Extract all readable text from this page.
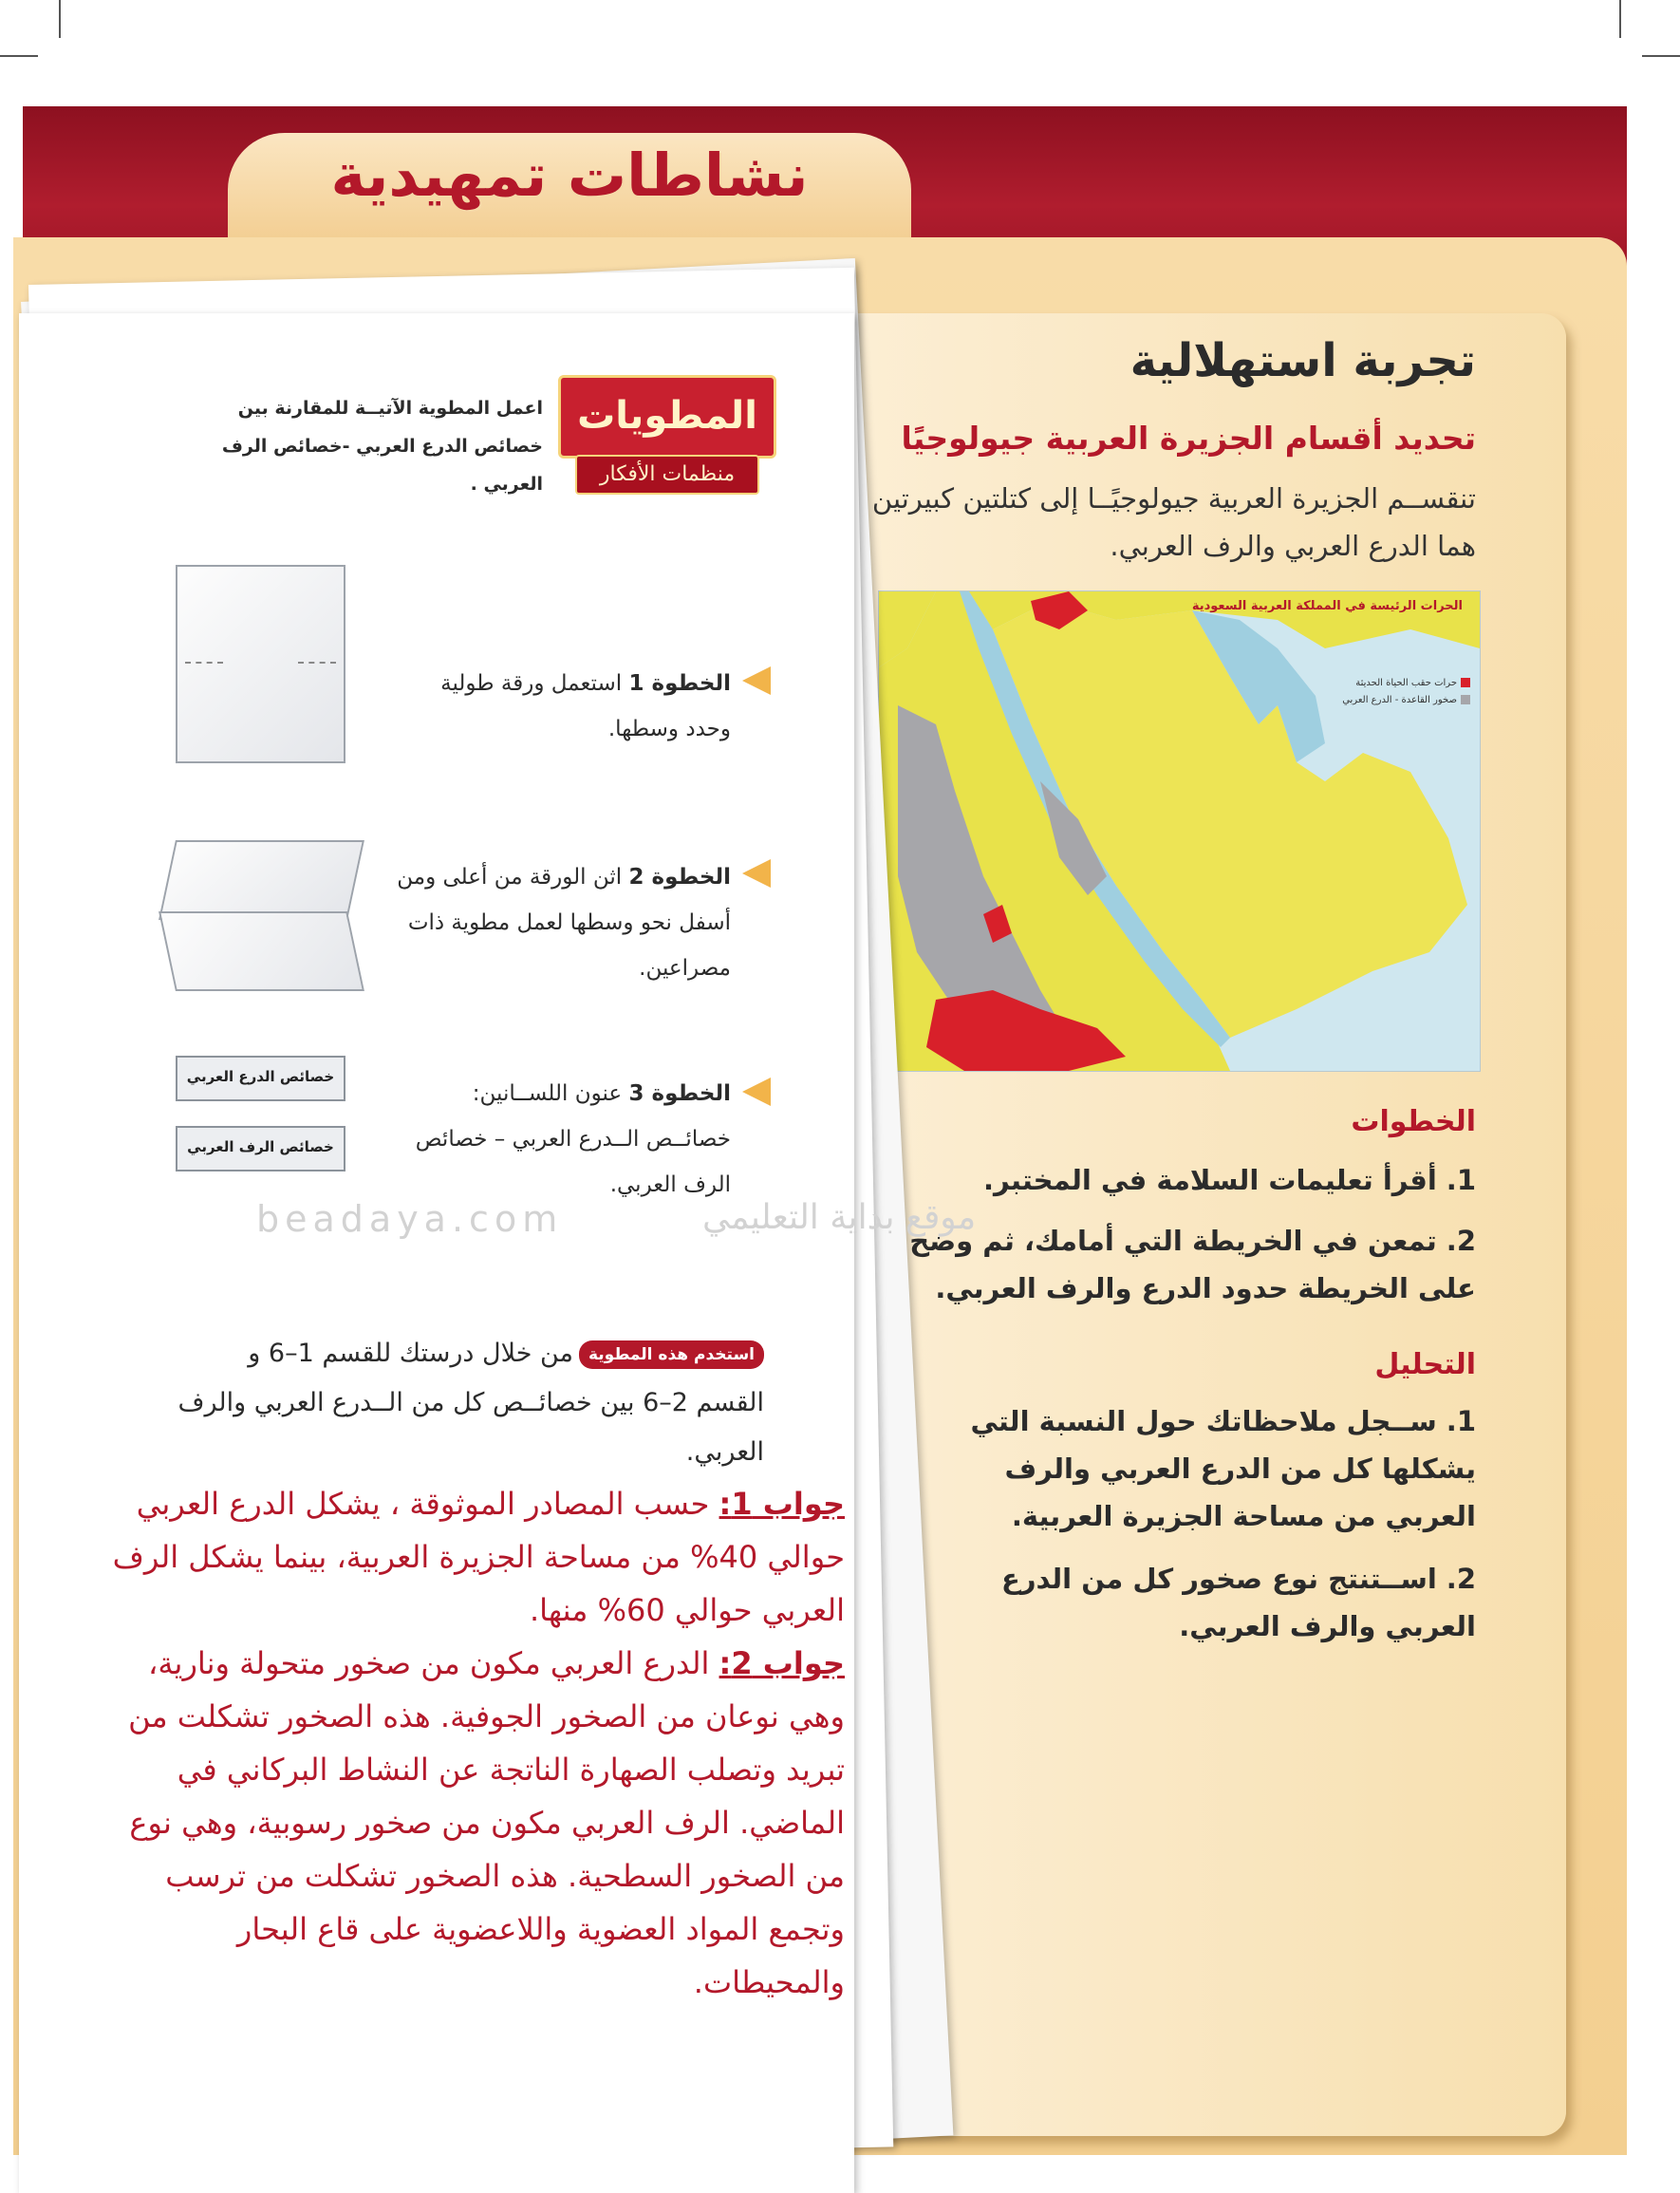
نشاطات تمهيدية
تجربة استهلالية
تحديد أقسام الجزيرة العربية جيولوجيًا
تنقســم الجزيرة العربية جيولوجيًــا إلى كتلتين كبيرتين هما الدرع العربي والرف العربي.
الحرات الرئيسة في المملكة العربية السعودية
حرات حقب الحياة الحديثة
صخور القاعدة - الدرع العربي
الخطوات
1.أقرأ تعليمات السلامة في المختبر.
2.تمعن في الخريطة التي أمامك، ثم وضح على الخريطة حدود الدرع والرف العربي.
التحليل
1.ســجل ملاحظاتك حول النسبة التي يشكلها كل من الدرع العربي والرف العربي من مساحة الجزيرة العربية.
2.اســتنتج نوع صخور كل من الدرع العربي والرف العربي.
المطويات
منظمات الأفكار
اعمل المطوية الآتيــة للمقارنة بين خصائص الدرع العربي -خصائص الرف العربي .
الخطوة 1 استعمل ورقة طولية وحدد وسطها.
الخطوة 2 اثن الورقة من أعلى ومن أسفل نحو وسطها لعمل مطوية ذات مصراعين.
خصائص الدرع العربي
خصائص الرف العربي
الخطوة 3 عنون اللســانين: خصائــص الــدرع العربي – خصائص الرف العربي.
beadaya.com	موقع بداية التعليمي
استخدم هذه المطويةمن خلال درستك للقسم 1–6 و القسم 2–6 بين خصائــص كل من الــدرع العربي والرف العربي.
جواب 1: حسب المصادر الموثوقة ، يشكل الدرع العربي حوالي 40% من مساحة الجزيرة العربية، بينما يشكل الرف العربي حوالي 60% منها.
جواب 2: الدرع العربي مكون من صخور متحولة ونارية، وهي نوعان من الصخور الجوفية. هذه الصخور تشكلت من تبريد وتصلب الصهارة الناتجة عن النشاط البركاني في الماضي. الرف العربي مكون من صخور رسوبية، وهي نوع من الصخور السطحية. هذه الصخور تشكلت من ترسب وتجمع المواد العضوية واللاعضوية على قاع البحار والمحيطات.
